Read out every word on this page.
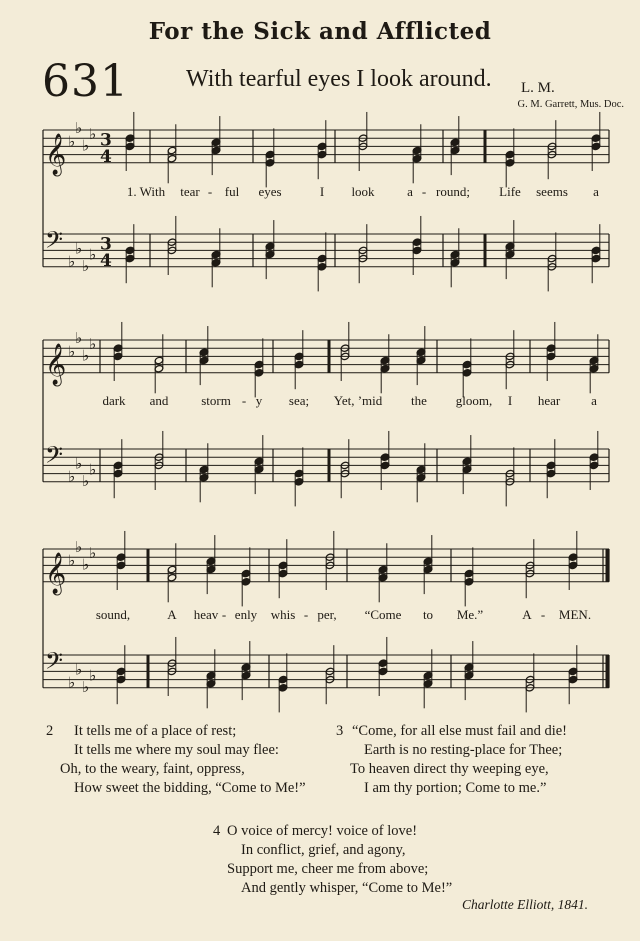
For the Sick and Afflicted
631 With tearful eyes I look around. L. M.
G. M. Garrett, Mus. Doc.
𝄞 ♭
♭
♭
♭ 3
4
𝄢
♭
♭
♭
♭ 3
4
𝄞 ♭
♭
♭
♭
𝄢
♭
♭
♭
♭
𝄞 ♭
♭
♭
♭
𝄢
♭
♭
♭
♭
1. With tear - ful eyes	I look	a - round; Life seems a
dark and	storm - y sea; Yet, ’mid the gloom, I hear a
sound,	A heav - enly whis - per, “Come to Me.”	A - MEN.
2	It tells me of a place of rest;
It tells me where my soul may flee:
Oh, to the weary, faint, oppress,
How sweet the bidding, “Come to Me!”
3 “Come, for all else must fail and die!
Earth is no resting-place for Thee;
To heaven direct thy weeping eye,
I am thy portion; Come to me.”
4 O voice of mercy! voice of love!
In conflict, grief, and agony,
Support me, cheer me from above;
And gently whisper, “Come to Me!”
Charlotte Elliott, 1841.
